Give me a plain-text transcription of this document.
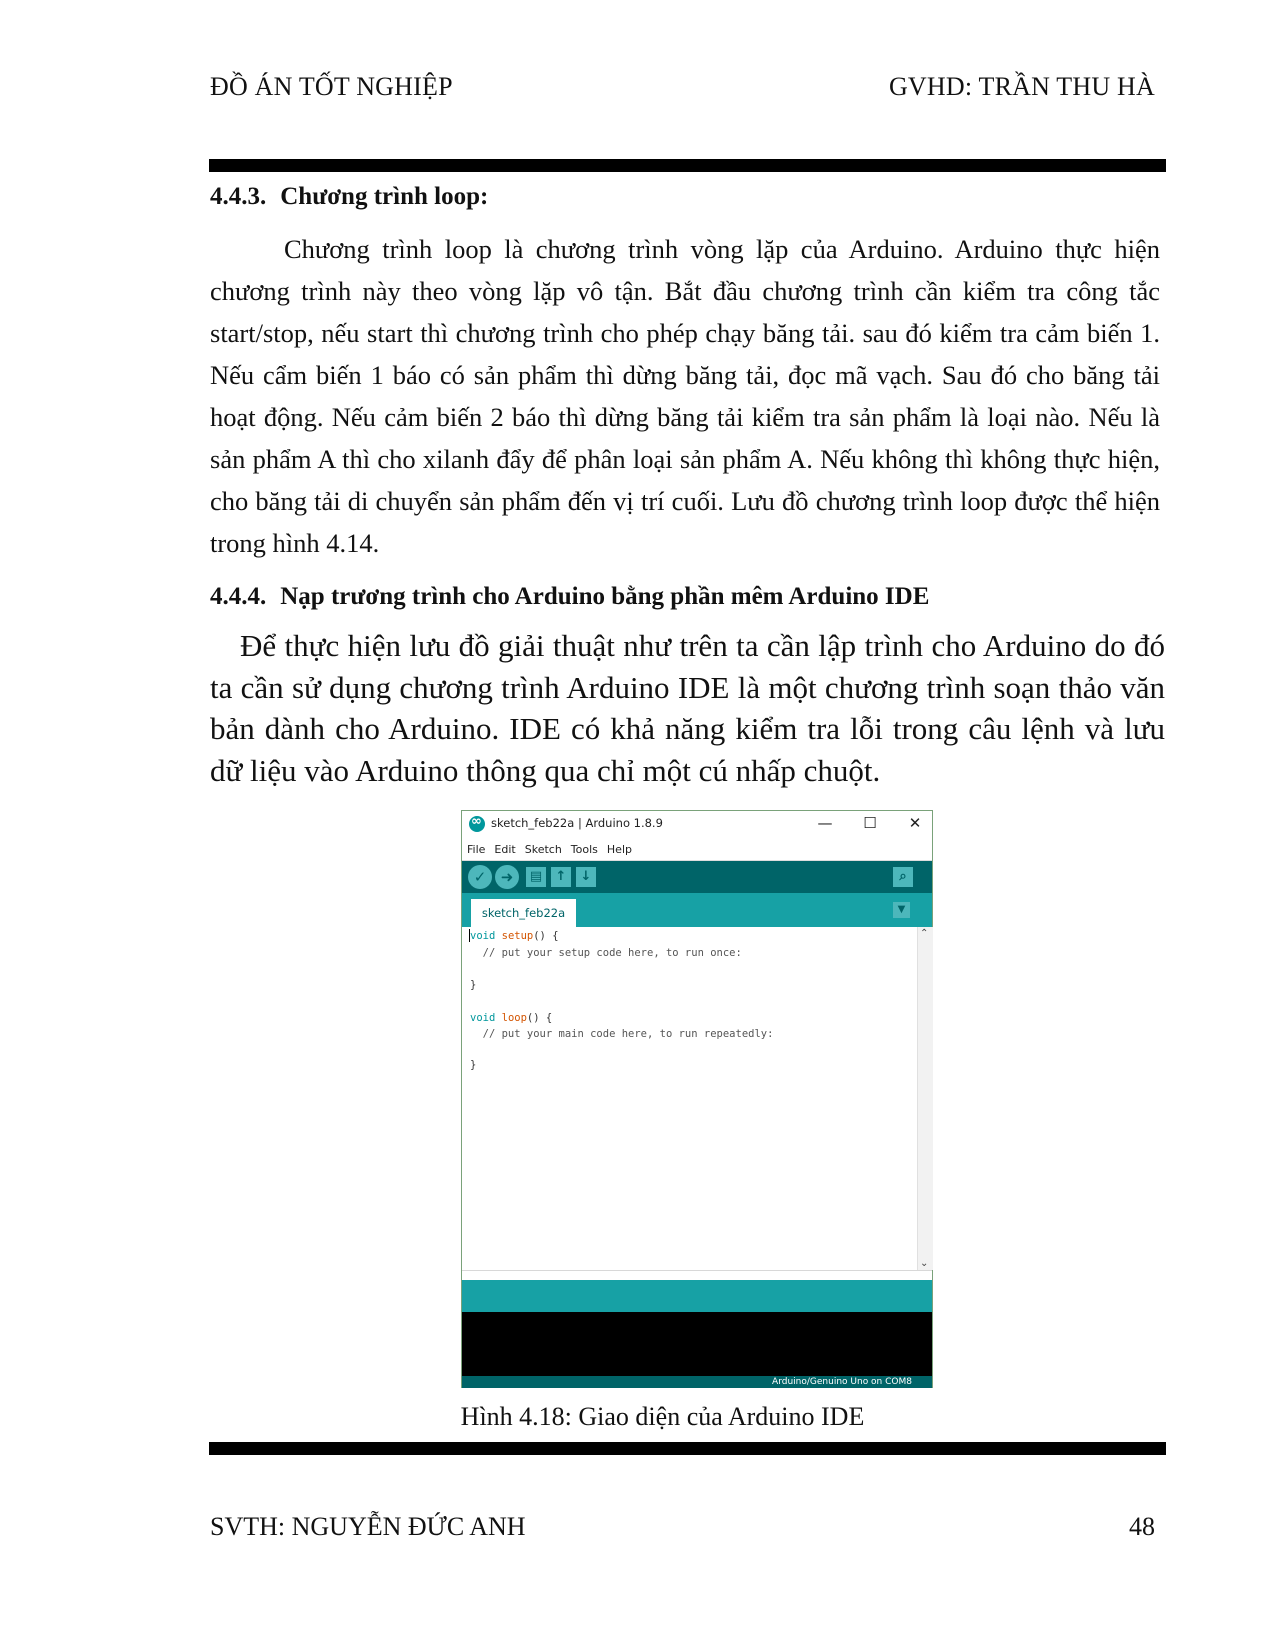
ĐỒ ÁN TỐT NGHIỆP	GVHD: TRẦN THU HÀ
4.4.3. Chương trình loop:

Chương trình loop là chương trình vòng lặp của Arduino. Arduino thực hiện chương trình này theo vòng lặp vô tận. Bắt đầu chương trình cần kiểm tra công tắc start/stop, nếu start thì chương trình cho phép chạy băng tải. sau đó kiểm tra cảm biến 1. Nếu cẩm biến 1 báo có sản phẩm thì dừng băng tải, đọc mã vạch. Sau đó cho băng tải hoạt động. Nếu cảm biến 2 báo thì dừng băng tải kiểm tra sản phẩm là loại nào. Nếu là sản phẩm A thì cho xilanh đẩy để phân loại sản phẩm A. Nếu không thì không thực hiện, cho băng tải di chuyển sản phẩm đến vị trí cuối. Lưu đồ chương trình loop được thể hiện trong hình 4.14.

4.4.4. Nạp trương trình cho Arduino bằng phần mêm Arduino IDE

Để thực hiện lưu đồ giải thuật như trên ta cần lập trình cho Arduino do đó ta cần sử dụng chương trình Arduino IDE là một chương trình soạn thảo văn bản dành cho Arduino. IDE có khả năng kiểm tra lỗi trong câu lệnh và lưu dữ liệu vào Arduino thông qua chỉ một cú nhấp chuột.

∞
sketch_feb22a | Arduino 1.8.9	— ☐	✕
File Edit Sketch Tools Help
✓ ➜	▤	↑	↓	⌕
sketch_feb22a	▼
void setup() {
// put your setup code here, to run once:
}
void loop() {
// put your main code here, to run repeatedly:
}
⌃
⌄
Arduino/Genuino Uno on COM8
Hình 4.18: Giao diện của Arduino IDE
SVTH: NGUYỄN ĐỨC ANH	48
